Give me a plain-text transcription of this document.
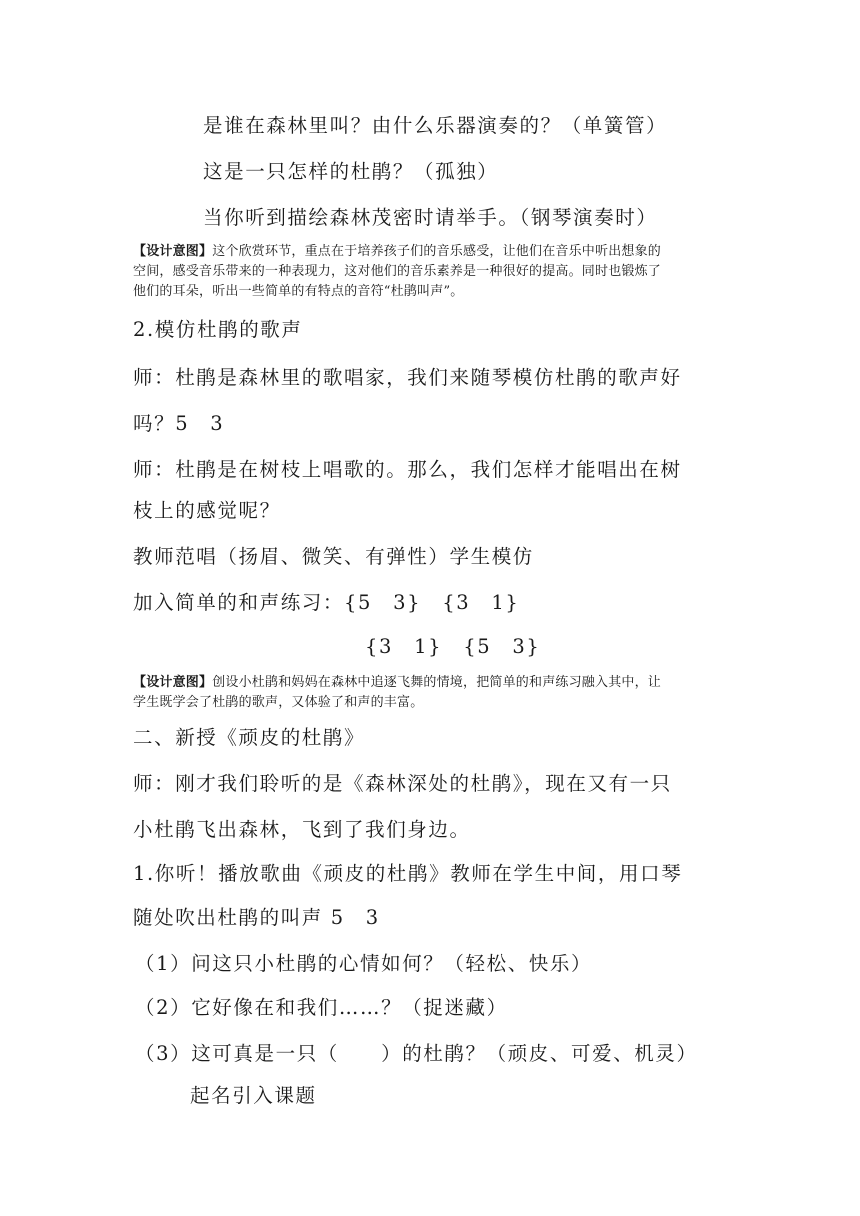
是谁在森林里叫？由什么乐器演奏的？（单簧管）
这是一只怎样的杜鹃？（孤独）
当你听到描绘森林茂密时请举手。（钢琴演奏时）
【设计意图】这个欣赏环节，重点在于培养孩子们的音乐感受，让他们在音乐中听出想象的
空间，感受音乐带来的一种表现力，这对他们的音乐素养是一种很好的提高。同时也锻炼了
他们的耳朵，听出一些简单的有特点的音符“杜鹃叫声”。
2.模仿杜鹃的歌声
师：杜鹃是森林里的歌唱家，我们来随琴模仿杜鹃的歌声好
吗？5　3
师：杜鹃是在树枝上唱歌的。那么，我们怎样才能唱出在树
枝上的感觉呢？
教师范唱（扬眉、微笑、有弹性）学生模仿
加入简单的和声练习：{5　3}　{3　1}
{3　1}　{5　3}
【设计意图】创设小杜鹃和妈妈在森林中追逐飞舞的情境，把简单的和声练习融入其中，让
学生既学会了杜鹃的歌声，又体验了和声的丰富。
二、新授《顽皮的杜鹃》
师：刚才我们聆听的是《森林深处的杜鹃》，现在又有一只
小杜鹃飞出森林，飞到了我们身边。
1.你听！播放歌曲《顽皮的杜鹃》教师在学生中间，用口琴
随处吹出杜鹃的叫声 5　3
（1）问这只小杜鹃的心情如何？（轻松、快乐）
（2）它好像在和我们……？（捉迷藏）
（3）这可真是一只（　　）的杜鹃？（顽皮、可爱、机灵）
起名引入课题
